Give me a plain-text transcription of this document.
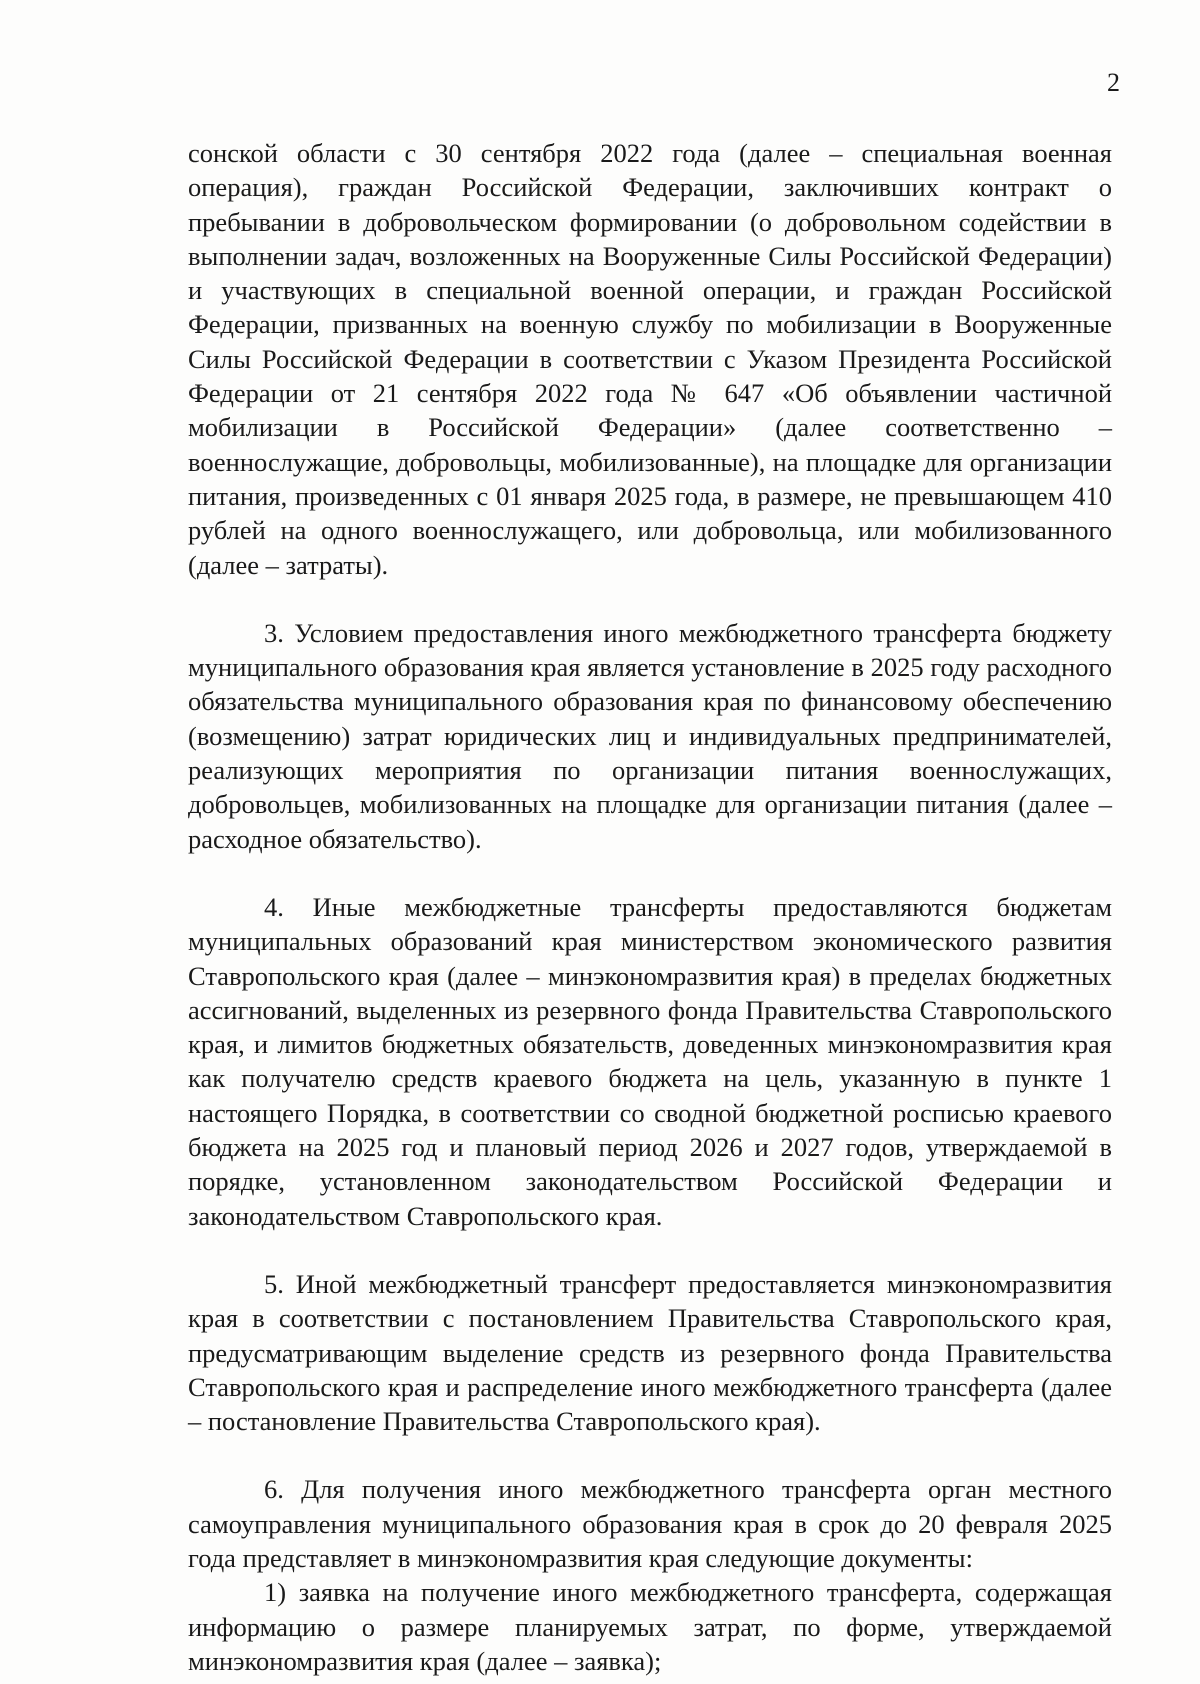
2

сонской области с 30 сентября 2022 года (далее – специальная военная операция), граждан Российской Федерации, заключивших контракт о пребывании в добровольческом формировании (о добровольном содействии в выполнении задач, возложенных на Вооруженные Силы Российской Федерации) и участвующих в специальной военной операции, и граждан Российской Федерации, призванных на военную службу по мобилизации в Вооруженные Силы Российской Федерации в соответствии с Указом Президента Российской Федерации от 21 сентября 2022 года № 647 «Об объявлении частичной мобилизации в Российской Федерации» (далее соответственно – военнослужащие, добровольцы, мобилизованные), на площадке для организации питания, произведенных с 01 января 2025 года, в размере, не превышающем 410 рублей на одного военнослужащего, или добровольца, или мобилизованного (далее – затраты).

3. Условием предоставления иного межбюджетного трансферта бюджету муниципального образования края является установление в 2025 году расходного обязательства муниципального образования края по финансовому обеспечению (возмещению) затрат юридических лиц и индивидуальных предпринимателей, реализующих мероприятия по организации питания военнослужащих, добровольцев, мобилизованных на площадке для организации питания (далее – расходное обязательство).

4. Иные межбюджетные трансферты предоставляются бюджетам муниципальных образований края министерством экономического развития Ставропольского края (далее – минэкономразвития края) в пределах бюджетных ассигнований, выделенных из резервного фонда Правительства Ставропольского края, и лимитов бюджетных обязательств, доведенных минэкономразвития края как получателю средств краевого бюджета на цель, указанную в пункте 1 настоящего Порядка, в соответствии со сводной бюджетной росписью краевого бюджета на 2025 год и плановый период 2026 и 2027 годов, утверждаемой в порядке, установленном законодательством Российской Федерации и законодательством Ставропольского края.

5. Иной межбюджетный трансферт предоставляется минэкономразвития края в соответствии с постановлением Правительства Ставропольского края, предусматривающим выделение средств из резервного фонда Правительства Ставропольского края и распределение иного межбюджетного трансферта (далее – постановление Правительства Ставропольского края).

6. Для получения иного межбюджетного трансферта орган местного самоуправления муниципального образования края в срок до 20 февраля 2025 года представляет в минэкономразвития края следующие документы:

1) заявка на получение иного межбюджетного трансферта, содержащая информацию о размере планируемых затрат, по форме, утверждаемой минэкономразвития края (далее – заявка);
